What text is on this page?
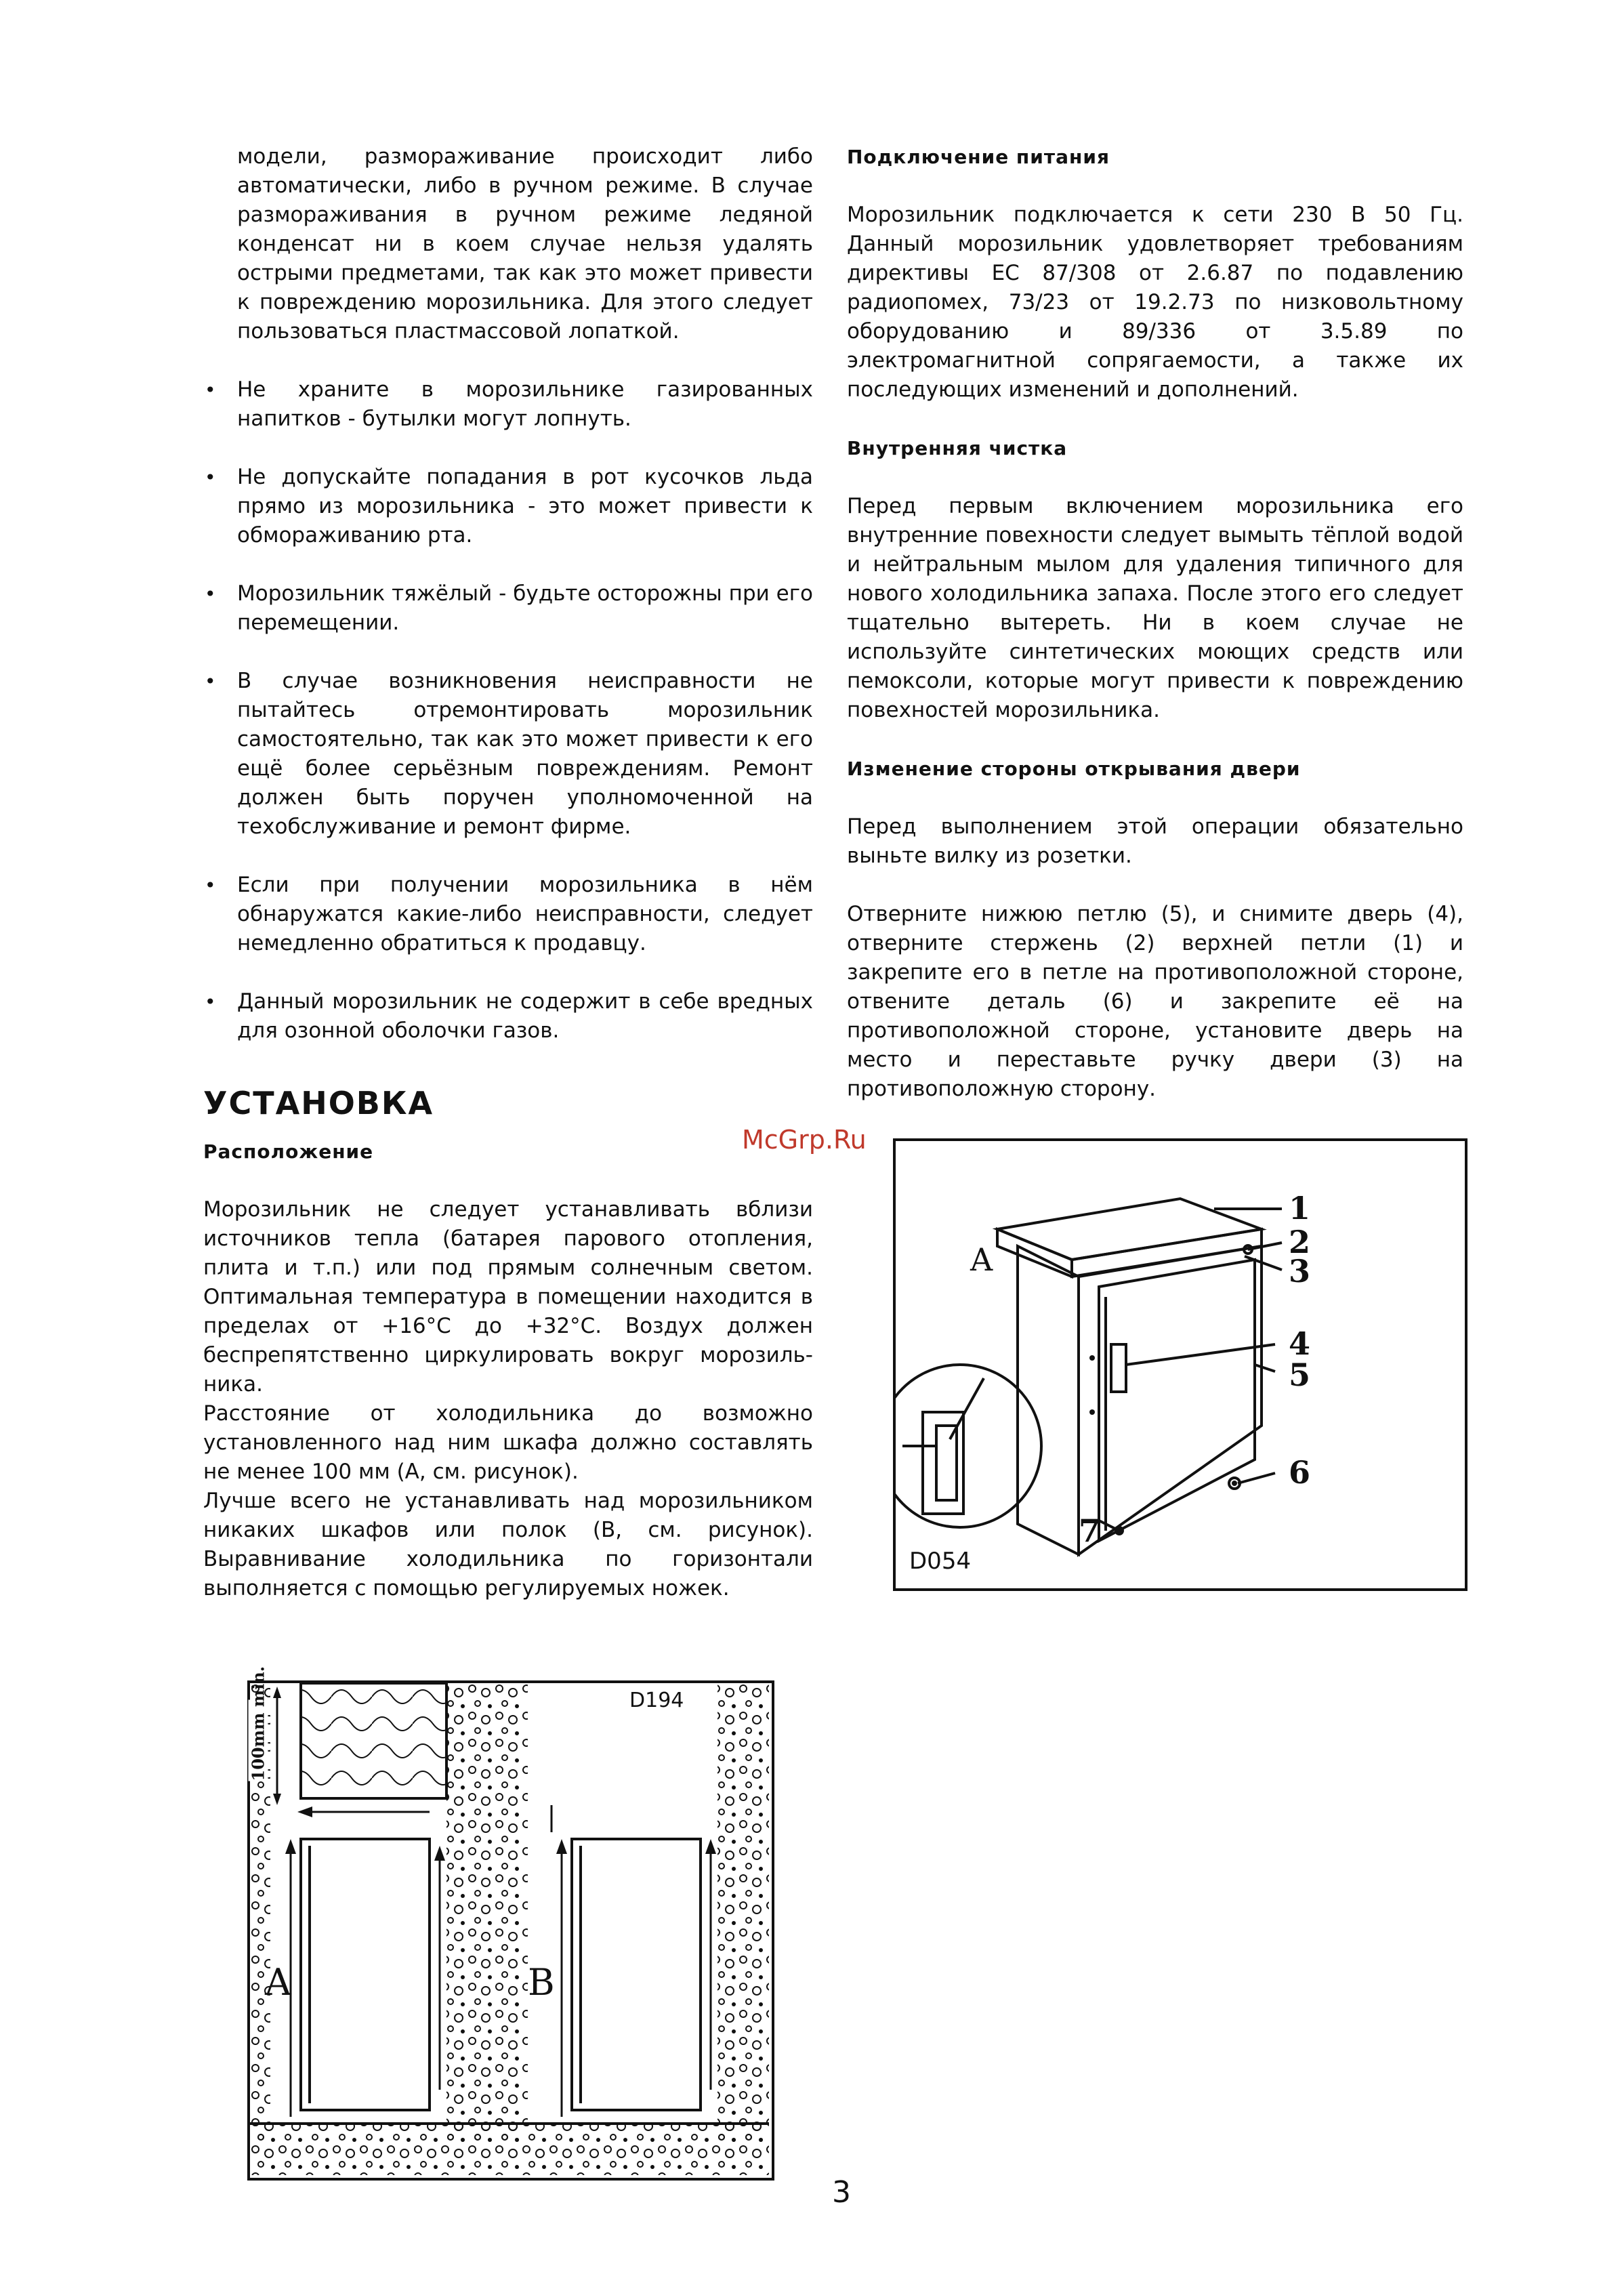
модели, размораживание происходит либо автоматически, либо в ручном режиме. В случае размораживания в ручном режиме ледяной конденсат ни в коем случае нельзя удалять острыми предметами, так как это может привести к повреждению морозильника. Для этого следует пользоваться пластмассовой лопаткой.

• Не храните в морозильнике газированных напитков - бутылки могут лопнуть.

• Не допускайте попадания в рот кусочков льда прямо из морозильника - это может привести к обмораживанию рта.

• Морозильник тяжёлый - будьте осторожны при его перемещении.

• В случае возникновения неисправности не пытайтесь отремонтировать морозильник самостоятельно, так как это может привести к его ещё более серьёзным повреждениям. Ремонт должен быть поручен уполномоченной на техобслуживание и ремонт фирме.

• Если при получении морозильника в нём обнаружатся какие-либо неисправности, следует немедленно обратиться к продавцу.

• Данный морозильник не содержит в себе вредных для озонной оболочки газов.

УСТАНОВКА

Расположение

Морозильник не следует устанавливать вблизи источников тепла (батарея парового отопления, плита и т.п.) или под прямым солнечным светом. Оптимальная температура в помещении находится в пределах от +16°C до +32°C. Воздух должен беспрепятственно циркулировать вокруг морозиль-ника.

Расстояние от холодильника до возможно установленного над ним шкафа должно составлять не менее 100 мм (A, см. рисунок).

Лучше всего не устанавливать над морозильником никаких шкафов или полок (B, см. рисунок). Выравнивание холодильника по горизонтали выполняется с помощью регулируемых ножек.

Подключение питания

Морозильник подключается к сети 230 В 50 Гц. Данный морозильник удовлетворяет требованиям директивы EC 87/308 от 2.6.87 по подавлению радиопомех, 73/23 от 19.2.73 по низковольтному оборудованию и 89/336 от 3.5.89 по электромагнитной сопрягаемости, а также их последующих изменений и дополнений.

Внутренняя чистка

Перед первым включением морозильника его внутренние повехности следует вымыть тёплой водой и нейтральным мылом для удаления типичного для нового холодильника запаха. После этого его следует тщательно вытереть. Ни в коем случае не используйте синтетических моющих средств или пемоксоли, которые могут привести к повреждению повехностей морозильника.

Изменение стороны открывания двери

Перед выполнением этой операции обязательно выньте вилку из розетки.

Отверните нижюю петлю (5), и снимите дверь (4), отверните стержень (2) верхней петли (1) и закрепите его в петле на противоположной стороне, отвените деталь (6) и закрепите её на противоположной стороне, установите дверь на место и переставьте ручку двери (3) на противоположную сторону.

McGrp.Ru
A
1
2
3
4
5
6
7
D054
100mm min.
A	B
D194
3
